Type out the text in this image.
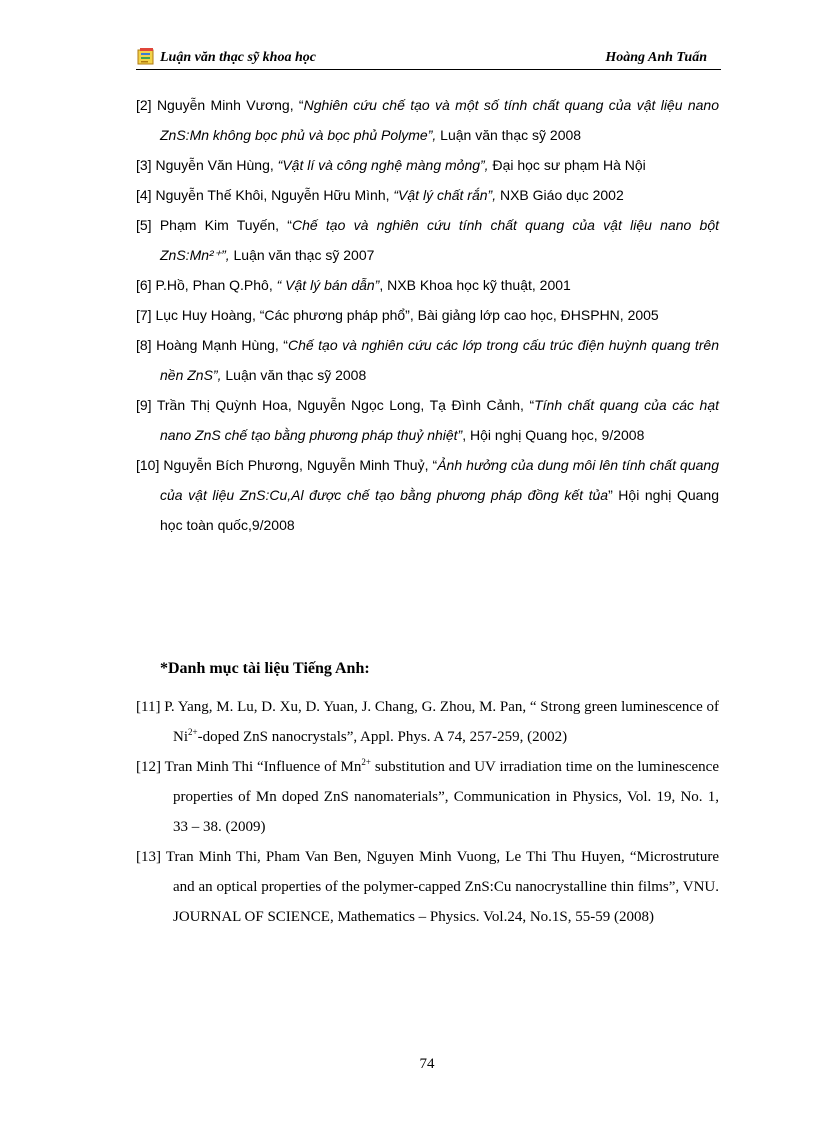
Luận văn thạc sỹ khoa học	Hoàng Anh Tuấn

[2] Nguyễn Minh Vương, “Nghiên cứu chế tạo và một số tính chất quang của vật liệu nano ZnS:Mn không bọc phủ và bọc phủ Polyme”, Luận văn thạc sỹ 2008

[3] Nguyễn Văn Hùng, “Vật lí và công nghệ màng mỏng”, Đại học sư phạm Hà Nội

[4] Nguyễn Thế Khôi, Nguyễn Hữu Mình, “Vật lý chất rắn”, NXB Giáo dục 2002

[5] Phạm Kim Tuyến, “Chế tạo và nghiên cứu tính chất quang của vật liệu nano bột ZnS:Mn²⁺”, Luận văn thạc sỹ 2007

[6] P.Hồ, Phan Q.Phô, “ Vật lý bán dẫn”, NXB Khoa học kỹ thuật, 2001

[7] Lục Huy Hoàng, “Các phương pháp phổ”, Bài giảng lớp cao học, ĐHSPHN, 2005

[8] Hoàng Mạnh Hùng, “Chế tạo và nghiên cứu các lớp trong cấu trúc điện huỳnh quang trên nền ZnS”, Luận văn thạc sỹ 2008

[9] Trần Thị Quỳnh Hoa, Nguyễn Ngọc Long, Tạ Đình Cảnh, “Tính chất quang của các hạt nano ZnS chế tạo bằng phương pháp thuỷ nhiệt”, Hội nghị Quang học, 9/2008

[10] Nguyễn Bích Phương, Nguyễn Minh Thuỷ, “Ảnh hưởng của dung môi lên tính chất quang của vật liệu ZnS:Cu,Al được chế tạo bằng phương pháp đồng kết tủa” Hội nghị Quang học toàn quốc,9/2008

*Danh mục tài liệu Tiếng Anh:

[11] P. Yang, M. Lu, D. Xu, D. Yuan, J. Chang, G. Zhou, M. Pan, “ Strong green luminescence of $Ni^{2+}$-doped ZnS nanocrystals”, Appl. Phys. A 74, 257-259, (2002)

[12] Tran Minh Thi “Influence of $Mn^{2+}$ substitution and UV irradiation time on the luminescence properties of Mn doped ZnS nanomaterials”, Communication in Physics, Vol. 19, No. 1, 33 – 38. (2009)

[13] Tran Minh Thi, Pham Van Ben, Nguyen Minh Vuong, Le Thi Thu Huyen, “Microstruture and an optical properties of the polymer-capped ZnS:Cu nanocrystalline thin films”, VNU. JOURNAL OF SCIENCE, Mathematics – Physics. Vol.24, No.1S, 55-59 (2008)

74
